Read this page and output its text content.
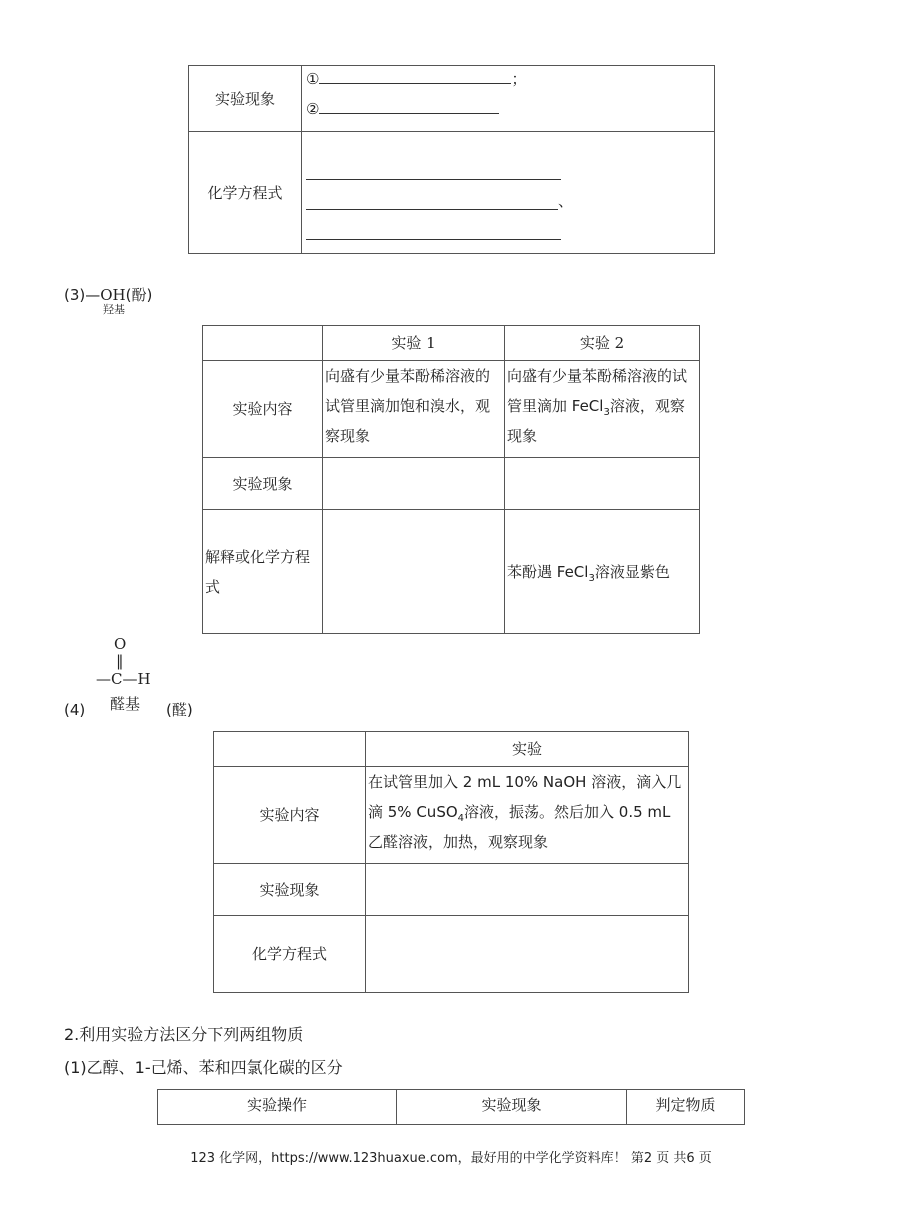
实验现象	① ；
②

化学方程式	、
(3)—OH(酚)
羟基
	实验 1	实验 2
实验内容	向盛有少量苯酚稀溶液的试管里滴加饱和溴水，观察现象	向盛有少量苯酚稀溶液的试管里滴加 FeCl$_3$溶液，观察现象
实验现象		
解释或化学方程式		苯酚遇 FeCl$_3$溶液显紫色
O
‖
—C—H
(4) 醛基 (醛)
	实验
实验内容	在试管里加入 2 mL 10% NaOH 溶液，滴入几滴 5% CuSO$_4$溶液，振荡。然后加入 0.5 mL 乙醛溶液，加热，观察现象
实验现象	
化学方程式	
2.利用实验方法区分下列两组物质
(1)乙醇、1-己烯、苯和四氯化碳的区分
实验操作	实验现象	判定物质
123 化学网，https://www.123huaxue.com，最好用的中学化学资料库！ 第2 页 共6 页
